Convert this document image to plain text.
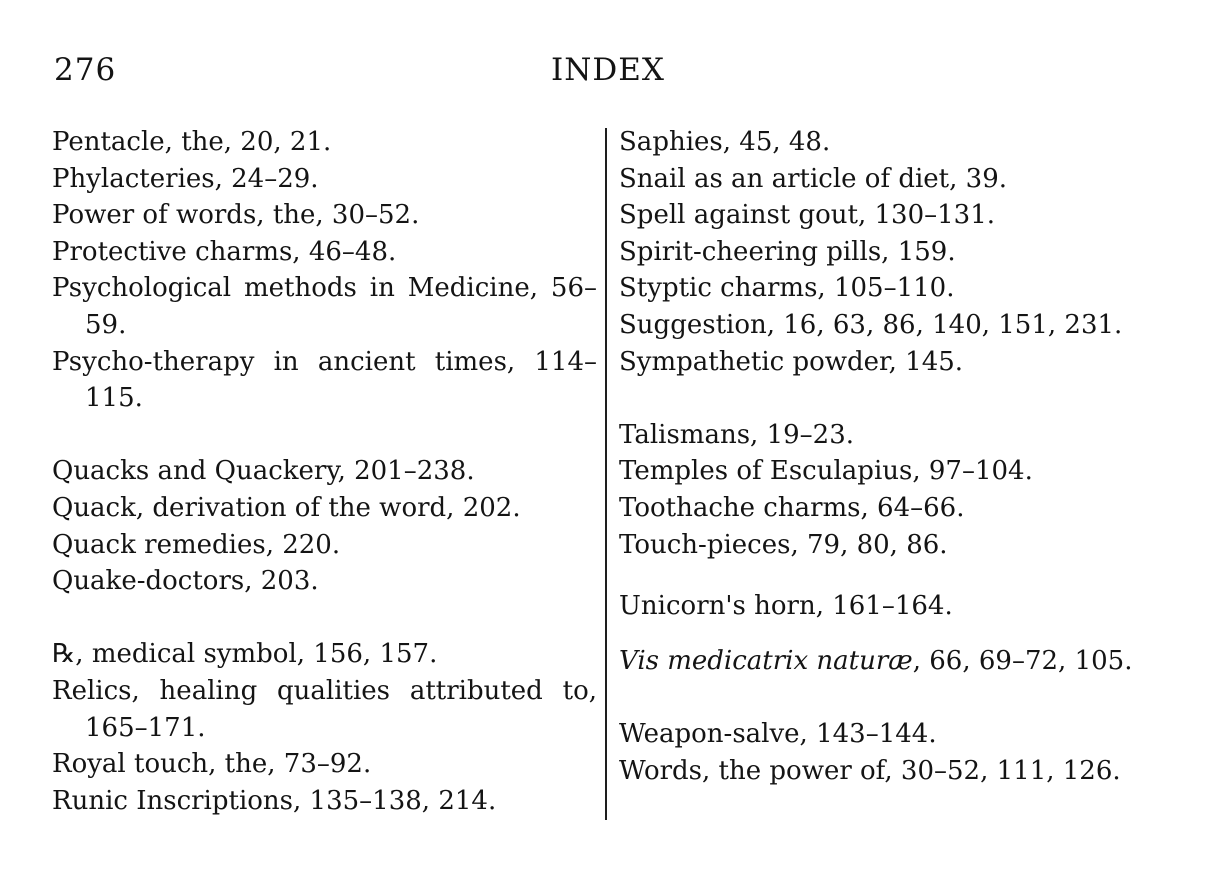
276	INDEX
Pentacle, the, 20, 21.
Phylacteries, 24–29.
Power of words, the, 30–52.
Protective charms, 46–48.
Psychological methods in Medicine, 56–59.
Psycho-therapy in ancient times, 114–115.
Quacks and Quackery, 201–238.
Quack, derivation of the word, 202.
Quack remedies, 220.
Quake-doctors, 203.
℞, medical symbol, 156, 157.
Relics, healing qualities attributed to, 165–171.
Royal touch, the, 73–92.
Runic Inscriptions, 135–138, 214.
Saphies, 45, 48.
Snail as an article of diet, 39.
Spell against gout, 130–131.
Spirit-cheering pills, 159.
Styptic charms, 105–110.
Suggestion, 16, 63, 86, 140, 151, 231.
Sympathetic powder, 145.
Talismans, 19–23.
Temples of Esculapius, 97–104.
Toothache charms, 64–66.
Touch-pieces, 79, 80, 86.
Unicorn's horn, 161–164.
Vis medicatrix naturæ, 66, 69–72, 105.
Weapon-salve, 143–144.
Words, the power of, 30–52, 111, 126.
